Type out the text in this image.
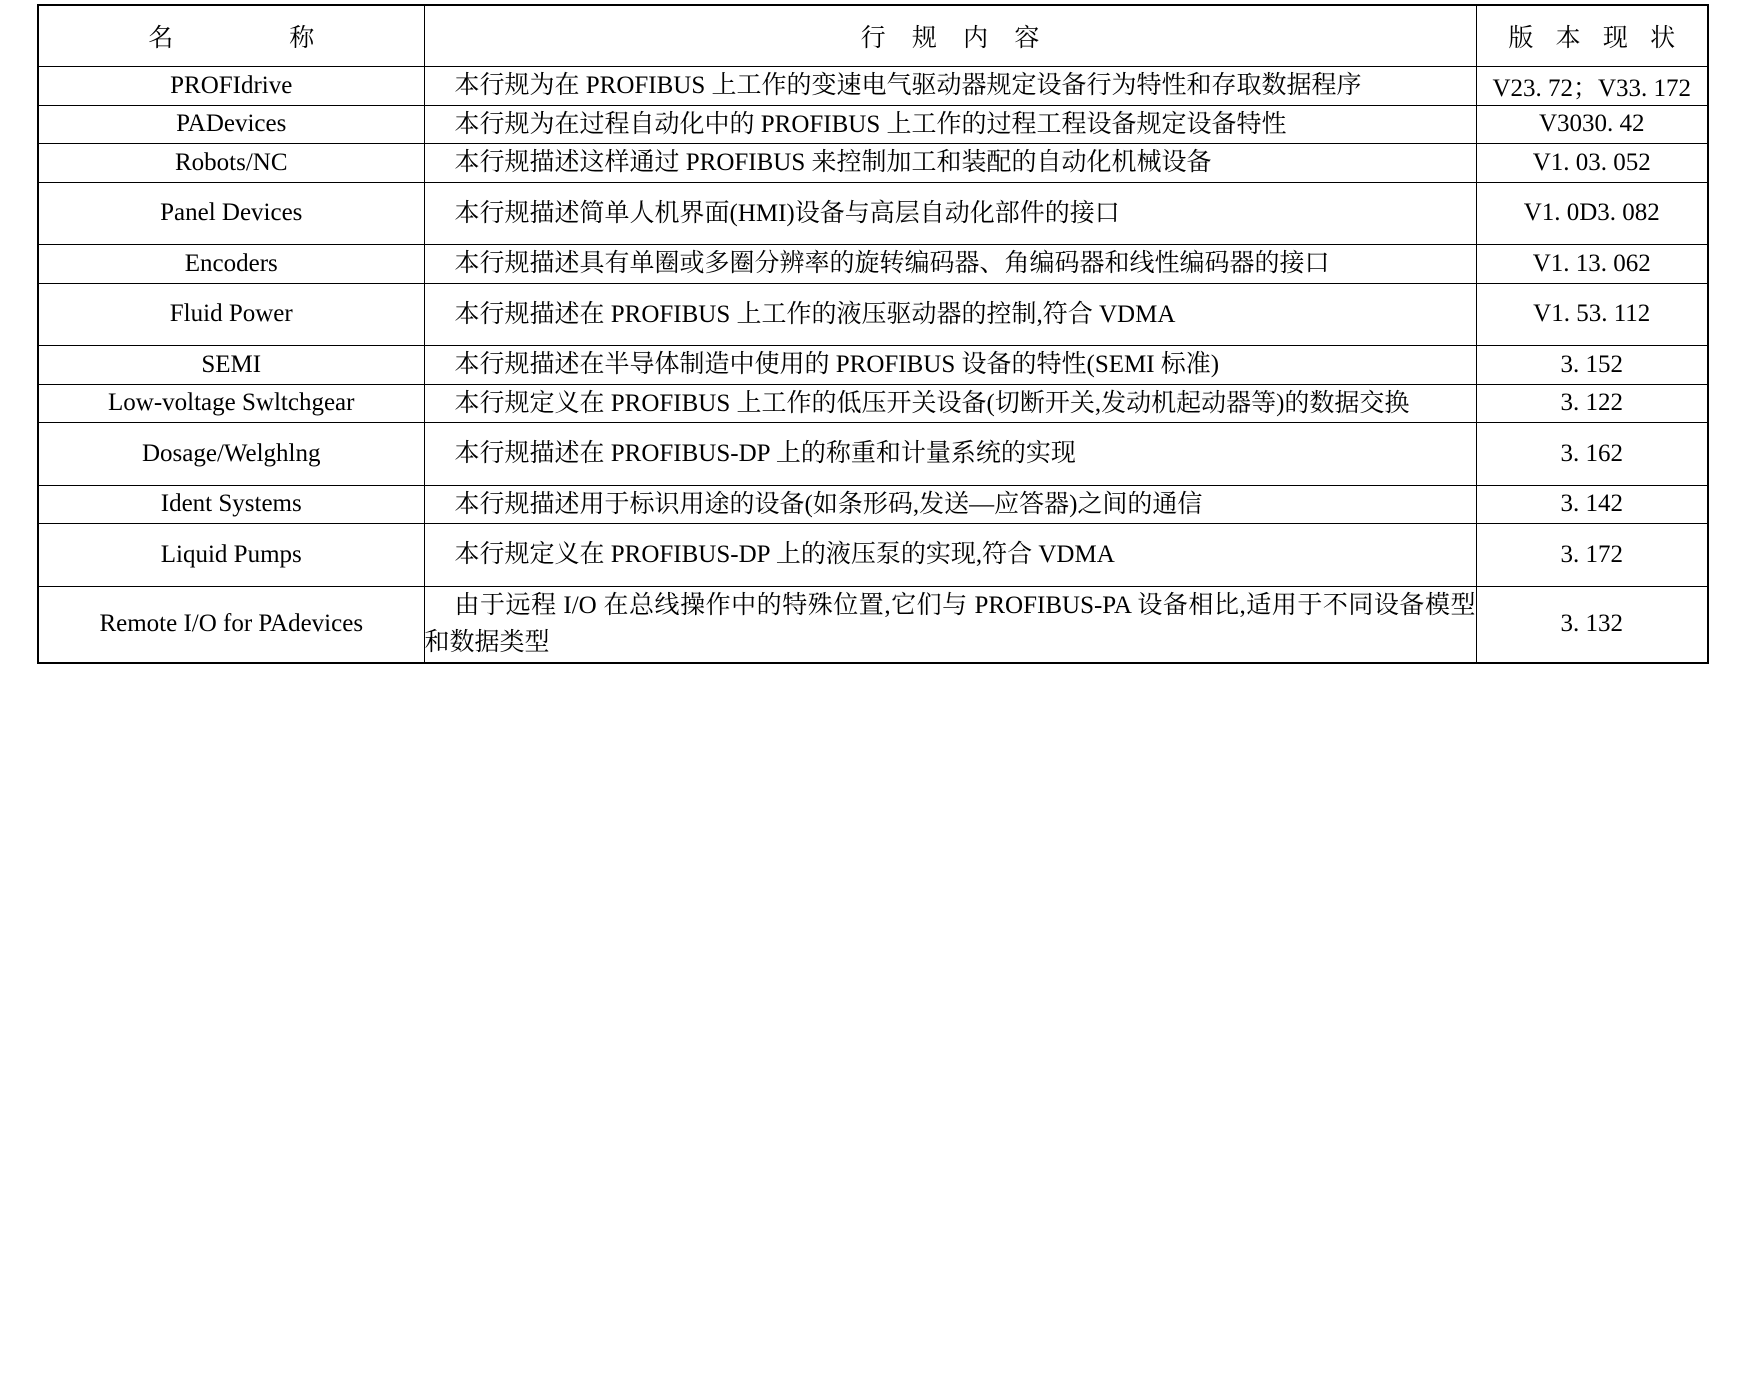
名　　称	行 规 内 容	版 本 现 状
PROFIdrive	本行规为在 PROFIBUS 上工作的变速电气驱动器规定设备行为特性和存取数据程序	V23. 72；V33. 172
PADevices	本行规为在过程自动化中的 PROFIBUS 上工作的过程工程设备规定设备特性	V3030. 42
Robots/NC	本行规描述这样通过 PROFIBUS 来控制加工和装配的自动化机械设备	V1. 03. 052
Panel Devices	本行规描述简单人机界面(HMI)设备与高层自动化部件的接口	V1. 0D3. 082
Encoders	本行规描述具有单圈或多圈分辨率的旋转编码器、角编码器和线性编码器的接口	V1. 13. 062
Fluid Power	本行规描述在 PROFIBUS 上工作的液压驱动器的控制,符合 VDMA	V1. 53. 112
SEMI	本行规描述在半导体制造中使用的 PROFIBUS 设备的特性(SEMI 标准)	3. 152
Low-voltage Swltchgear	本行规定义在 PROFIBUS 上工作的低压开关设备(切断开关,发动机起动器等)的数据交换	3. 122
Dosage/Welghlng	本行规描述在 PROFIBUS-DP 上的称重和计量系统的实现	3. 162
Ident Systems	本行规描述用于标识用途的设备(如条形码,发送—应答器)之间的通信	3. 142
Liquid Pumps	本行规定义在 PROFIBUS-DP 上的液压泵的实现,符合 VDMA	3. 172
Remote I/O for PAdevices	由于远程 I/O 在总线操作中的特殊位置,它们与 PROFIBUS-PA 设备相比,适用于不同设备模型和数据类型	3. 132
